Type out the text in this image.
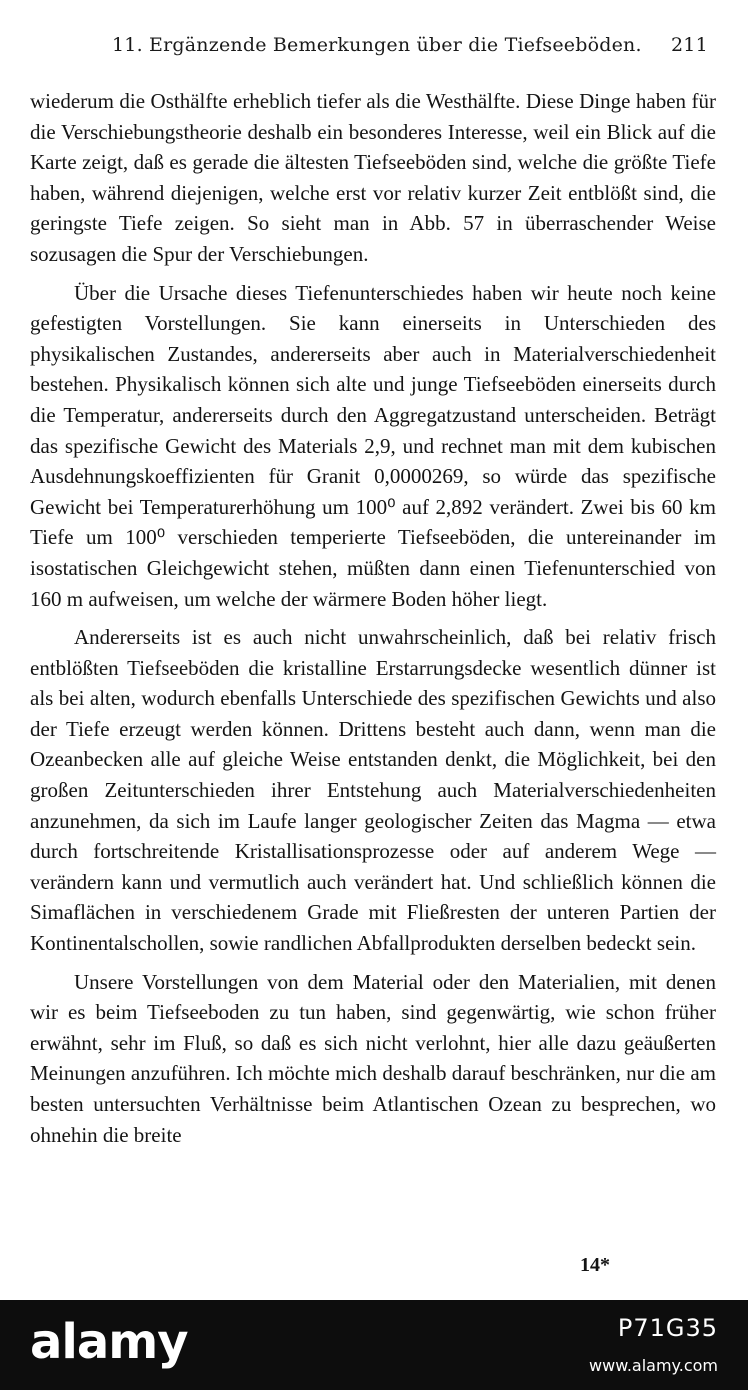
11. Ergänzende Bemerkungen über die Tiefseeböden. 211

wiederum die Osthälfte erheblich tiefer als die Westhälfte. Diese Dinge haben für die Verschiebungstheorie deshalb ein besonderes Interesse, weil ein Blick auf die Karte zeigt, daß es gerade die ältesten Tiefseeböden sind, welche die größte Tiefe haben, während diejenigen, welche erst vor relativ kurzer Zeit entblößt sind, die geringste Tiefe zeigen. So sieht man in Abb. 57 in überraschender Weise sozusagen die Spur der Verschiebungen.

Über die Ursache dieses Tiefenunterschiedes haben wir heute noch keine gefestigten Vorstellungen. Sie kann einerseits in Unterschieden des physikalischen Zustandes, andererseits aber auch in Materialverschiedenheit bestehen. Physikalisch können sich alte und junge Tiefseeböden einerseits durch die Temperatur, andererseits durch den Aggregatzustand unterscheiden. Beträgt das spezifische Gewicht des Materials 2,9, und rechnet man mit dem kubischen Ausdehnungskoeffizienten für Granit 0,0000269, so würde das spezifische Gewicht bei Temperaturerhöhung um 100⁰ auf 2,892 verändert. Zwei bis 60 km Tiefe um 100⁰ verschieden temperierte Tiefseeböden, die untereinander im isostatischen Gleichgewicht stehen, müßten dann einen Tiefenunterschied von 160 m aufweisen, um welche der wärmere Boden höher liegt.

Andererseits ist es auch nicht unwahrscheinlich, daß bei relativ frisch entblößten Tiefseeböden die kristalline Erstarrungsdecke wesentlich dünner ist als bei alten, wodurch ebenfalls Unterschiede des spezifischen Gewichts und also der Tiefe erzeugt werden können. Drittens besteht auch dann, wenn man die Ozeanbecken alle auf gleiche Weise entstanden denkt, die Möglichkeit, bei den großen Zeitunterschieden ihrer Entstehung auch Materialverschiedenheiten anzunehmen, da sich im Laufe langer geologischer Zeiten das Magma — etwa durch fortschreitende Kristallisationsprozesse oder auf anderem Wege — verändern kann und vermutlich auch verändert hat. Und schließlich können die Simaflächen in verschiedenem Grade mit Fließresten der unteren Partien der Kontinentalschollen, sowie randlichen Abfallprodukten derselben bedeckt sein.

Unsere Vorstellungen von dem Material oder den Materialien, mit denen wir es beim Tiefseeboden zu tun haben, sind gegenwärtig, wie schon früher erwähnt, sehr im Fluß, so daß es sich nicht verlohnt, hier alle dazu geäußerten Meinungen anzuführen. Ich möchte mich deshalb darauf beschränken, nur die am besten untersuchten Verhältnisse beim Atlantischen Ozean zu besprechen, wo ohnehin die breite

14*
alamy	P71G35
www.alamy.com
